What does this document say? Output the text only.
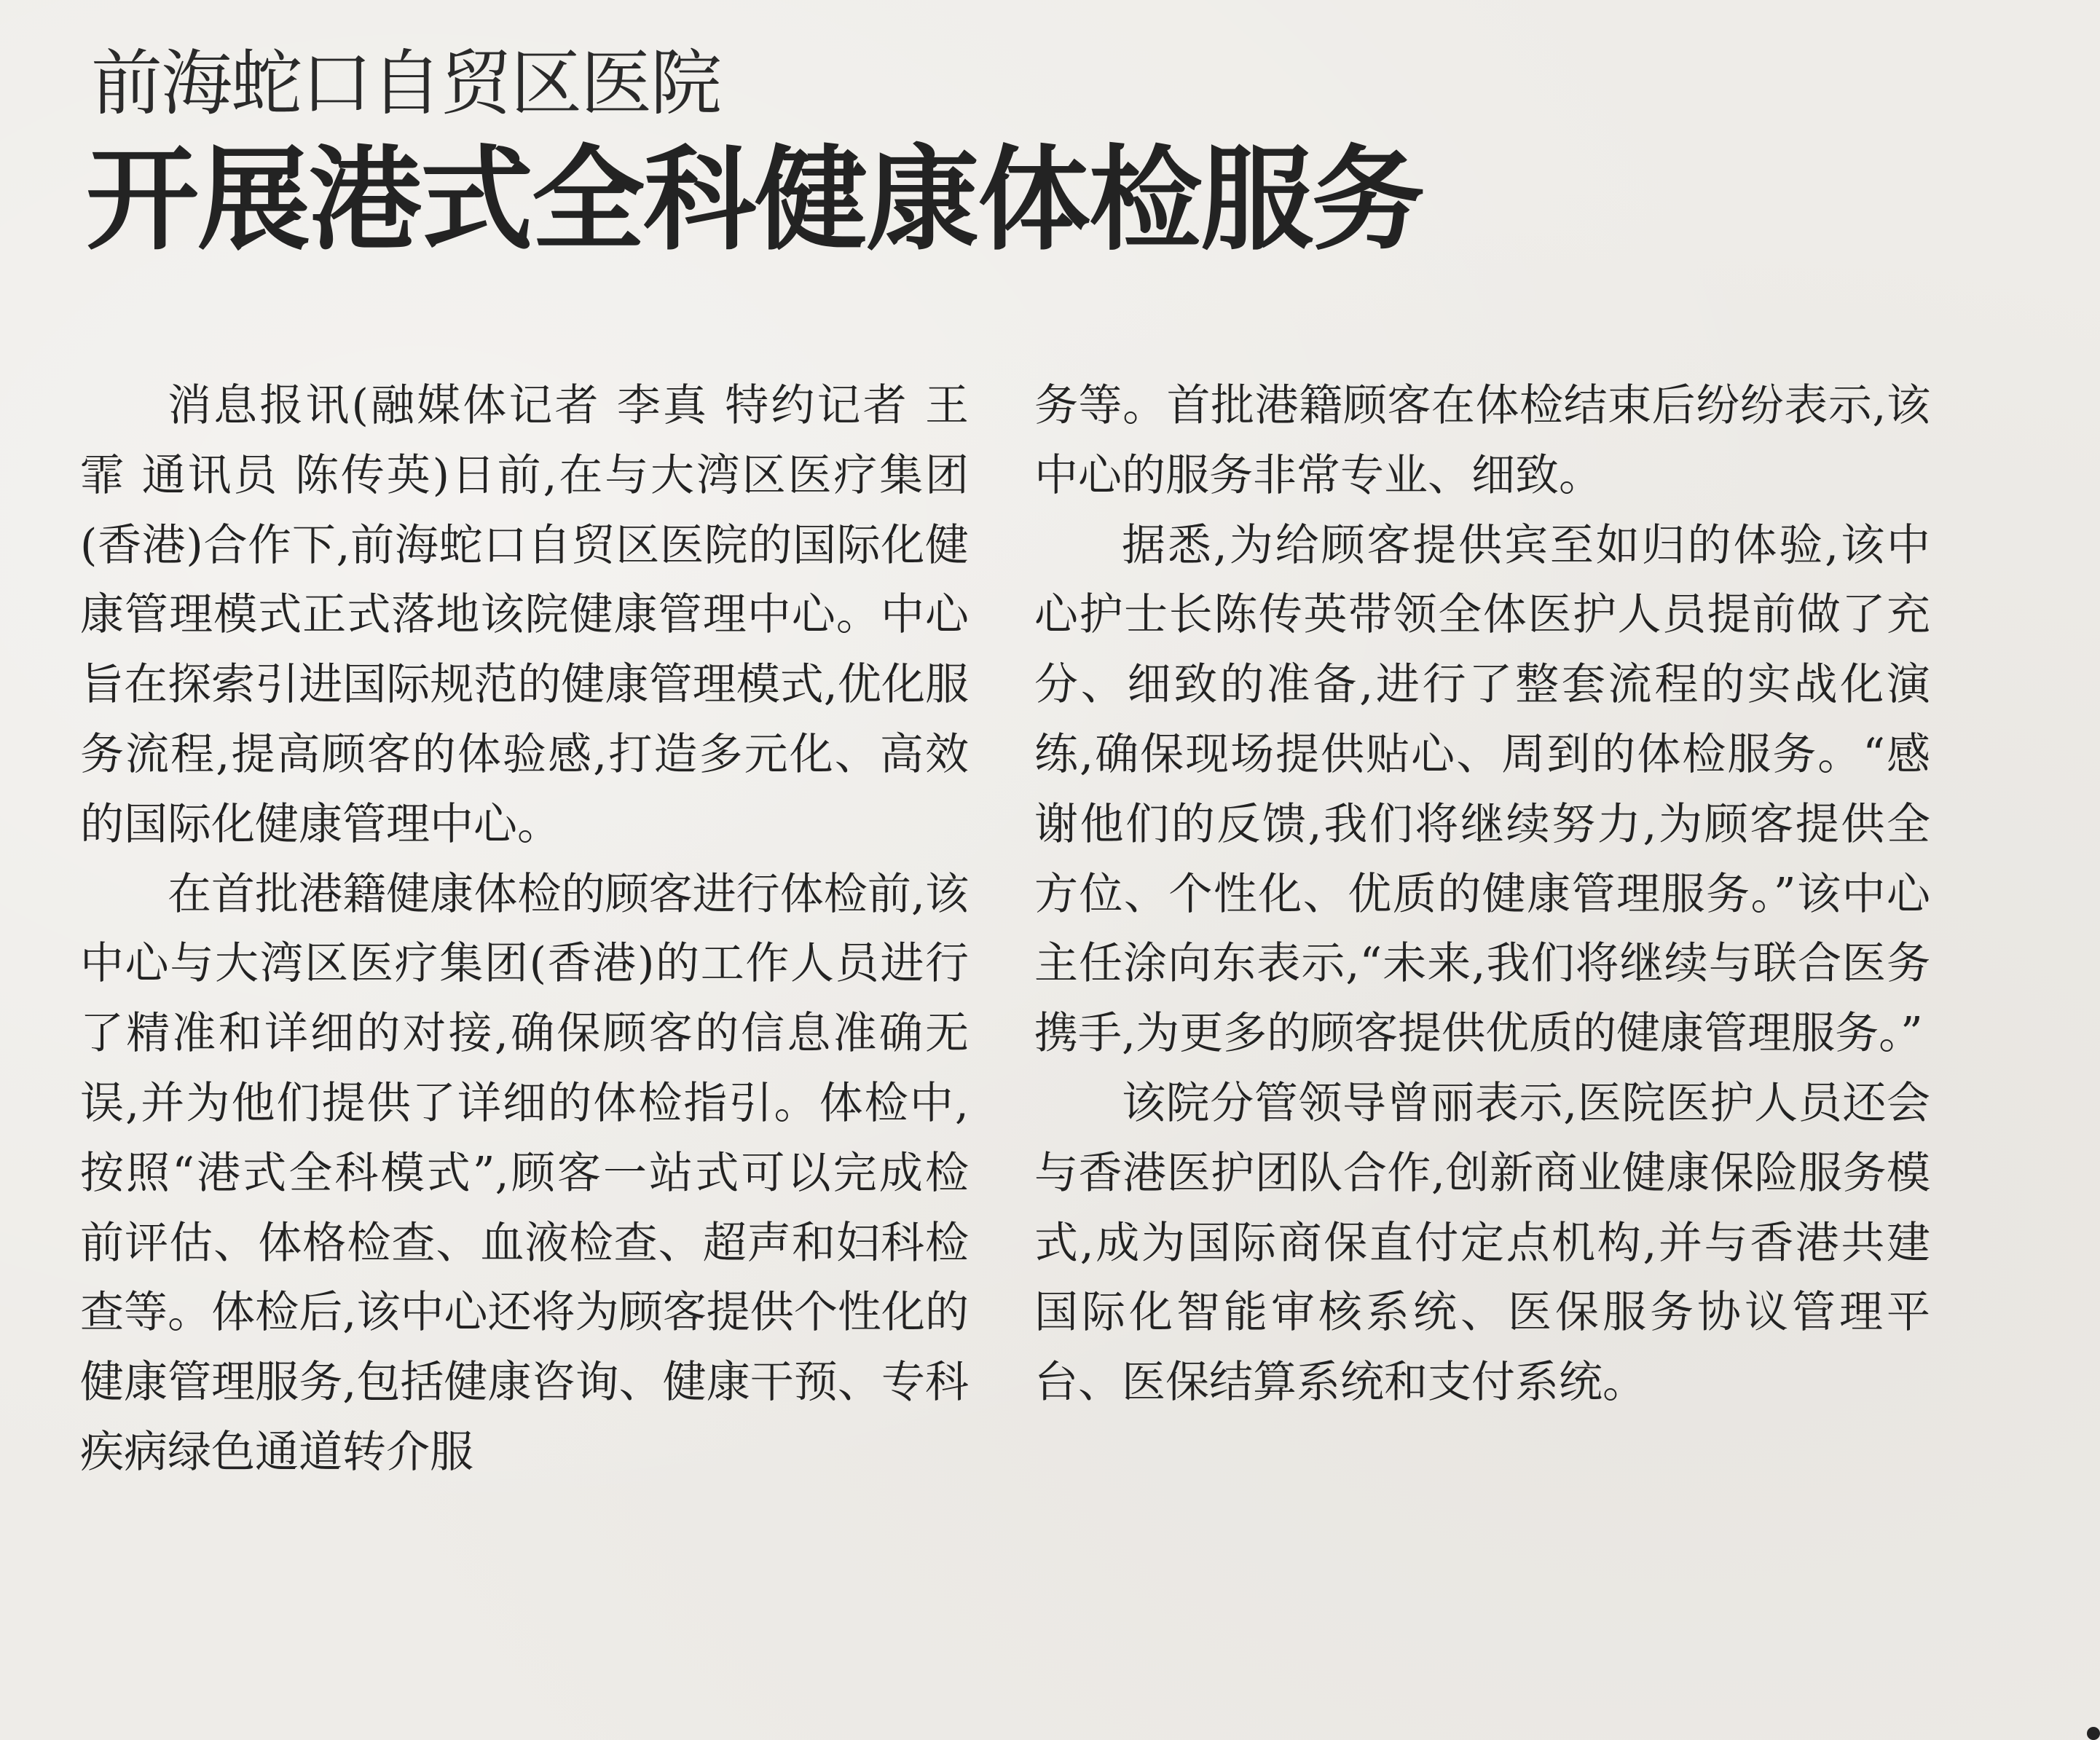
前海蛇口自贸区医院
开展港式全科健康体检服务

消息报讯(融媒体记者 李真 特约记者 王霏 通讯员 陈传英)日前,在与大湾区医疗集团(香港)合作下,前海蛇口自贸区医院的国际化健康管理模式正式落地该院健康管理中心。中心旨在探索引进国际规范的健康管理模式,优化服务流程,提高顾客的体验感,打造多元化、高效的国际化健康管理中心。

在首批港籍健康体检的顾客进行体检前,该中心与大湾区医疗集团(香港)的工作人员进行了精准和详细的对接,确保顾客的信息准确无误,并为他们提供了详细的体检指引。体检中,按照“港式全科模式”,顾客一站式可以完成检前评估、体格检查、血液检查、超声和妇科检查等。体检后,该中心还将为顾客提供个性化的健康管理服务,包括健康咨询、健康干预、专科疾病绿色通道转介服

务等。首批港籍顾客在体检结束后纷纷表示,该中心的服务非常专业、细致。

据悉,为给顾客提供宾至如归的体验,该中心护士长陈传英带领全体医护人员提前做了充分、细致的准备,进行了整套流程的实战化演练,确保现场提供贴心、周到的体检服务。“感谢他们的反馈,我们将继续努力,为顾客提供全方位、个性化、优质的健康管理服务。”该中心主任涂向东表示,“未来,我们将继续与联合医务携手,为更多的顾客提供优质的健康管理服务。”

该院分管领导曾丽表示,医院医护人员还会与香港医护团队合作,创新商业健康保险服务模式,成为国际商保直付定点机构,并与香港共建国际化智能审核系统、医保服务协议管理平台、医保结算系统和支付系统。
